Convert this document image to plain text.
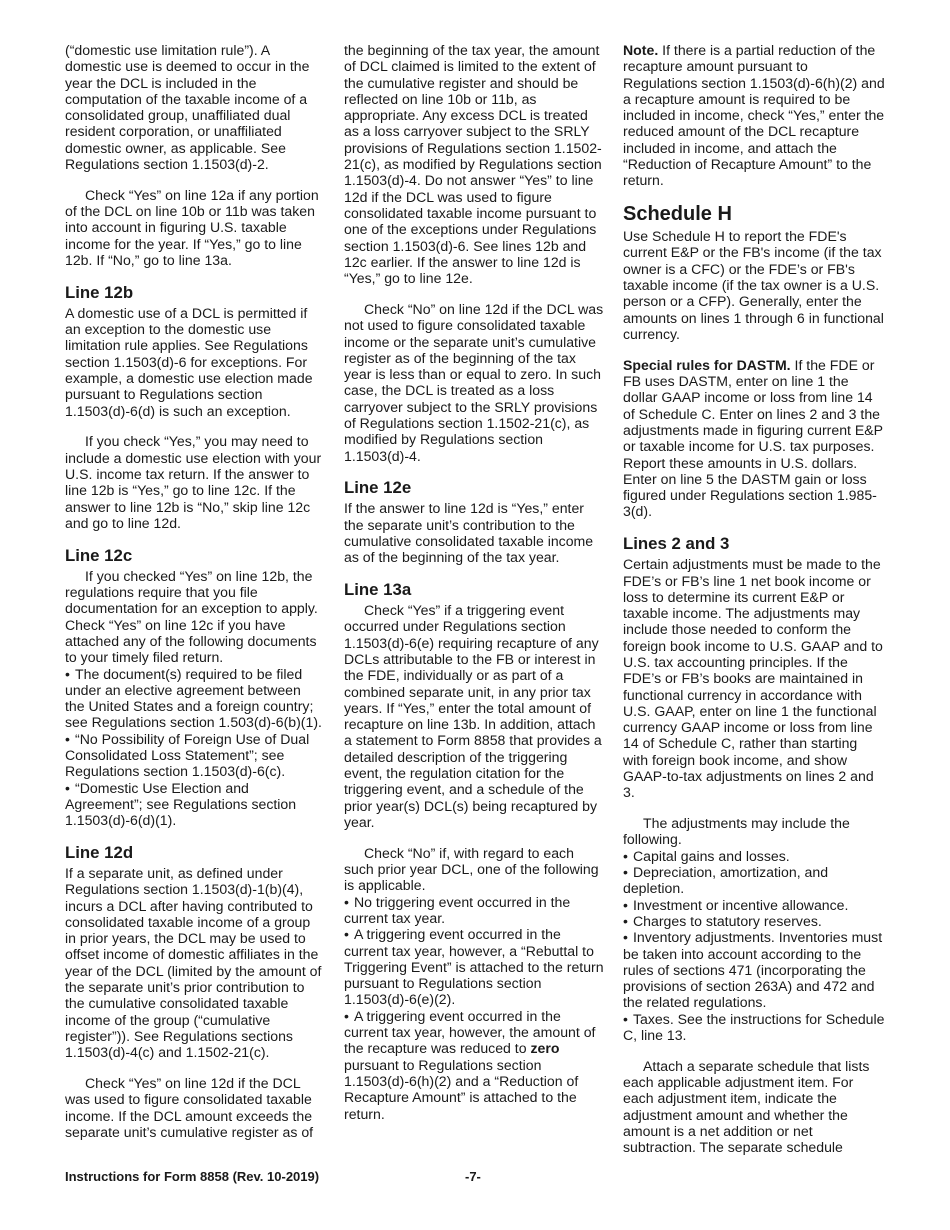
(“domestic use limitation rule”). A domestic use is deemed to occur in the year the DCL is included in the computation of the taxable income of a consolidated group, unaffiliated dual resident corporation, or unaffiliated domestic owner, as applicable. See Regulations section 1.1503(d)-2.

Check “Yes” on line 12a if any portion of the DCL on line 10b or 11b was taken into account in figuring U.S. taxable income for the year. If “Yes,” go to line 12b. If “No,” go to line 13a.

Line 12b

A domestic use of a DCL is permitted if an exception to the domestic use limitation rule applies. See Regulations section 1.1503(d)-6 for exceptions. For example, a domestic use election made pursuant to Regulations section 1.1503(d)-6(d) is such an exception.

If you check “Yes,” you may need to include a domestic use election with your U.S. income tax return. If the answer to line 12b is “Yes,” go to line 12c. If the answer to line 12b is “No,” skip line 12c and go to line 12d.

Line 12c

If you checked “Yes” on line 12b, the regulations require that you file documentation for an exception to apply. Check “Yes” on line 12c if you have attached any of the following documents to your timely filed return.

• The document(s) required to be filed under an elective agreement between the United States and a foreign country; see Regulations section 1.503(d)-6(b)(1).
• “No Possibility of Foreign Use of Dual Consolidated Loss Statement”; see Regulations section 1.1503(d)-6(c).
• “Domestic Use Election and Agreement”; see Regulations section 1.1503(d)-6(d)(1).
Line 12d

If a separate unit, as defined under Regulations section 1.1503(d)-1(b)(4), incurs a DCL after having contributed to consolidated taxable income of a group in prior years, the DCL may be used to offset income of domestic affiliates in the year of the DCL (limited by the amount of the separate unit’s prior contribution to the cumulative consolidated taxable income of the group (“cumulative register”)). See Regulations sections 1.1503(d)-4(c) and 1.1502-21(c).

Check “Yes” on line 12d if the DCL was used to figure consolidated taxable income. If the DCL amount exceeds the separate unit’s cumulative register as of

the beginning of the tax year, the amount of DCL claimed is limited to the extent of the cumulative register and should be reflected on line 10b or 11b, as appropriate. Any excess DCL is treated as a loss carryover subject to the SRLY provisions of Regulations section 1.1502-21(c), as modified by Regulations section 1.1503(d)-4. Do not answer “Yes” to line 12d if the DCL was used to figure consolidated taxable income pursuant to one of the exceptions under Regulations section 1.1503(d)-6. See lines 12b and 12c earlier. If the answer to line 12d is “Yes,” go to line 12e.

Check “No” on line 12d if the DCL was not used to figure consolidated taxable income or the separate unit’s cumulative register as of the beginning of the tax year is less than or equal to zero. In such case, the DCL is treated as a loss carryover subject to the SRLY provisions of Regulations section 1.1502-21(c), as modified by Regulations section 1.1503(d)-4.

Line 12e

If the answer to line 12d is “Yes,” enter the separate unit’s contribution to the cumulative consolidated taxable income as of the beginning of the tax year.

Line 13a

Check “Yes” if a triggering event occurred under Regulations section 1.1503(d)-6(e) requiring recapture of any DCLs attributable to the FB or interest in the FDE, individually or as part of a combined separate unit, in any prior tax years. If “Yes,” enter the total amount of recapture on line 13b. In addition, attach a statement to Form 8858 that provides a detailed description of the triggering event, the regulation citation for the triggering event, and a schedule of the prior year(s) DCL(s) being recaptured by year.

Check “No” if, with regard to each such prior year DCL, one of the following is applicable.

• No triggering event occurred in the current tax year.
• A triggering event occurred in the current tax year, however, a “Rebuttal to Triggering Event” is attached to the return pursuant to Regulations section 1.1503(d)-6(e)(2).
• A triggering event occurred in the current tax year, however, the amount of the recapture was reduced to zero pursuant to Regulations section 1.1503(d)-6(h)(2) and a “Reduction of Recapture Amount” is attached to the return.

Note. If there is a partial reduction of the recapture amount pursuant to Regulations section 1.1503(d)-6(h)(2) and a recapture amount is required to be included in income, check “Yes,” enter the reduced amount of the DCL recapture included in income, and attach the “Reduction of Recapture Amount” to the return.

Schedule H

Use Schedule H to report the FDE's current E&P or the FB's income (if the tax owner is a CFC) or the FDE’s or FB's taxable income (if the tax owner is a U.S. person or a CFP). Generally, enter the amounts on lines 1 through 6 in functional currency.

Special rules for DASTM. If the FDE or FB uses DASTM, enter on line 1 the dollar GAAP income or loss from line 14 of Schedule C. Enter on lines 2 and 3 the adjustments made in figuring current E&P or taxable income for U.S. tax purposes. Report these amounts in U.S. dollars. Enter on line 5 the DASTM gain or loss figured under Regulations section 1.985-3(d).

Lines 2 and 3

Certain adjustments must be made to the FDE’s or FB’s line 1 net book income or loss to determine its current E&P or taxable income. The adjustments may include those needed to conform the foreign book income to U.S. GAAP and to U.S. tax accounting principles. If the FDE’s or FB’s books are maintained in functional currency in accordance with U.S. GAAP, enter on line 1 the functional currency GAAP income or loss from line 14 of Schedule C, rather than starting with foreign book income, and show GAAP-to-tax adjustments on lines 2 and 3.

The adjustments may include the following.

• Capital gains and losses.
• Depreciation, amortization, and depletion.
• Investment or incentive allowance.
• Charges to statutory reserves.
• Inventory adjustments. Inventories must be taken into account according to the rules of sections 471 (incorporating the provisions of section 263A) and 472 and the related regulations.
• Taxes. See the instructions for Schedule C, line 13.

Attach a separate schedule that lists each applicable adjustment item. For each adjustment item, indicate the adjustment amount and whether the amount is a net addition or net subtraction. The separate schedule

Instructions for Form 8858 (Rev. 10-2019)	-7-
